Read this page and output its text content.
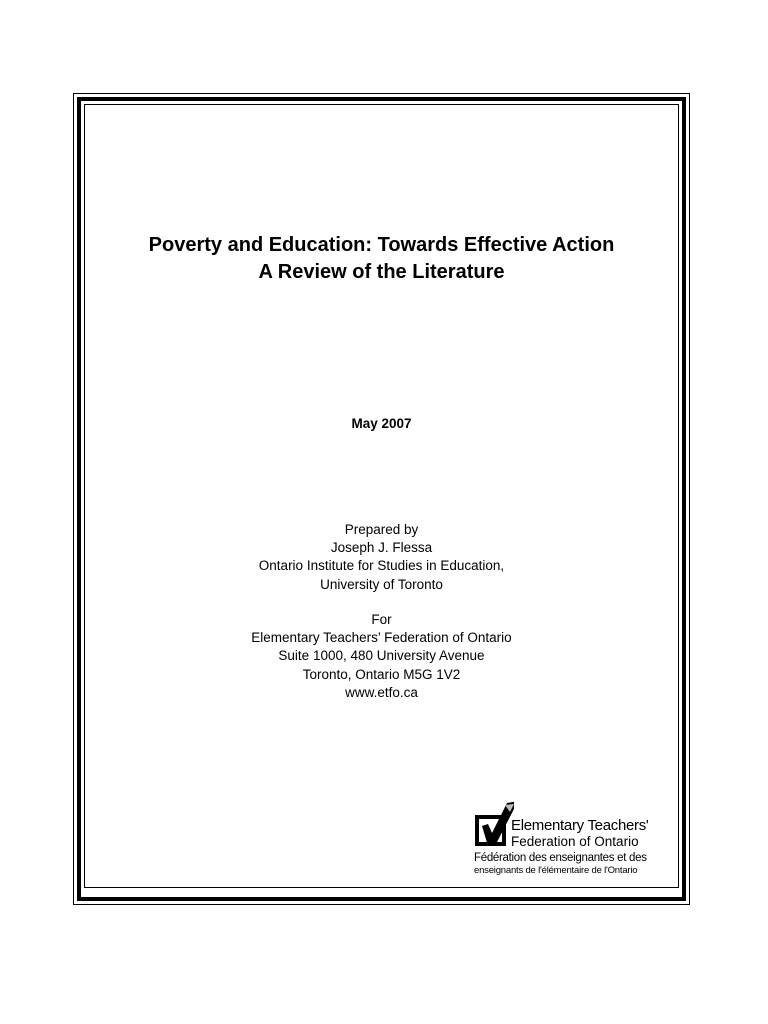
Poverty and Education: Towards Effective Action
A Review of the Literature
May 2007
Prepared by
Joseph J. Flessa
Ontario Institute for Studies in Education,
University of Toronto
For
Elementary Teachers’ Federation of Ontario
Suite 1000, 480 University Avenue
Toronto, Ontario M5G 1V2
www.etfo.ca
Elementary Teachers'
Federation of Ontario
Fédération des enseignantes et des
enseignants de l'élémentaire de l'Ontario
